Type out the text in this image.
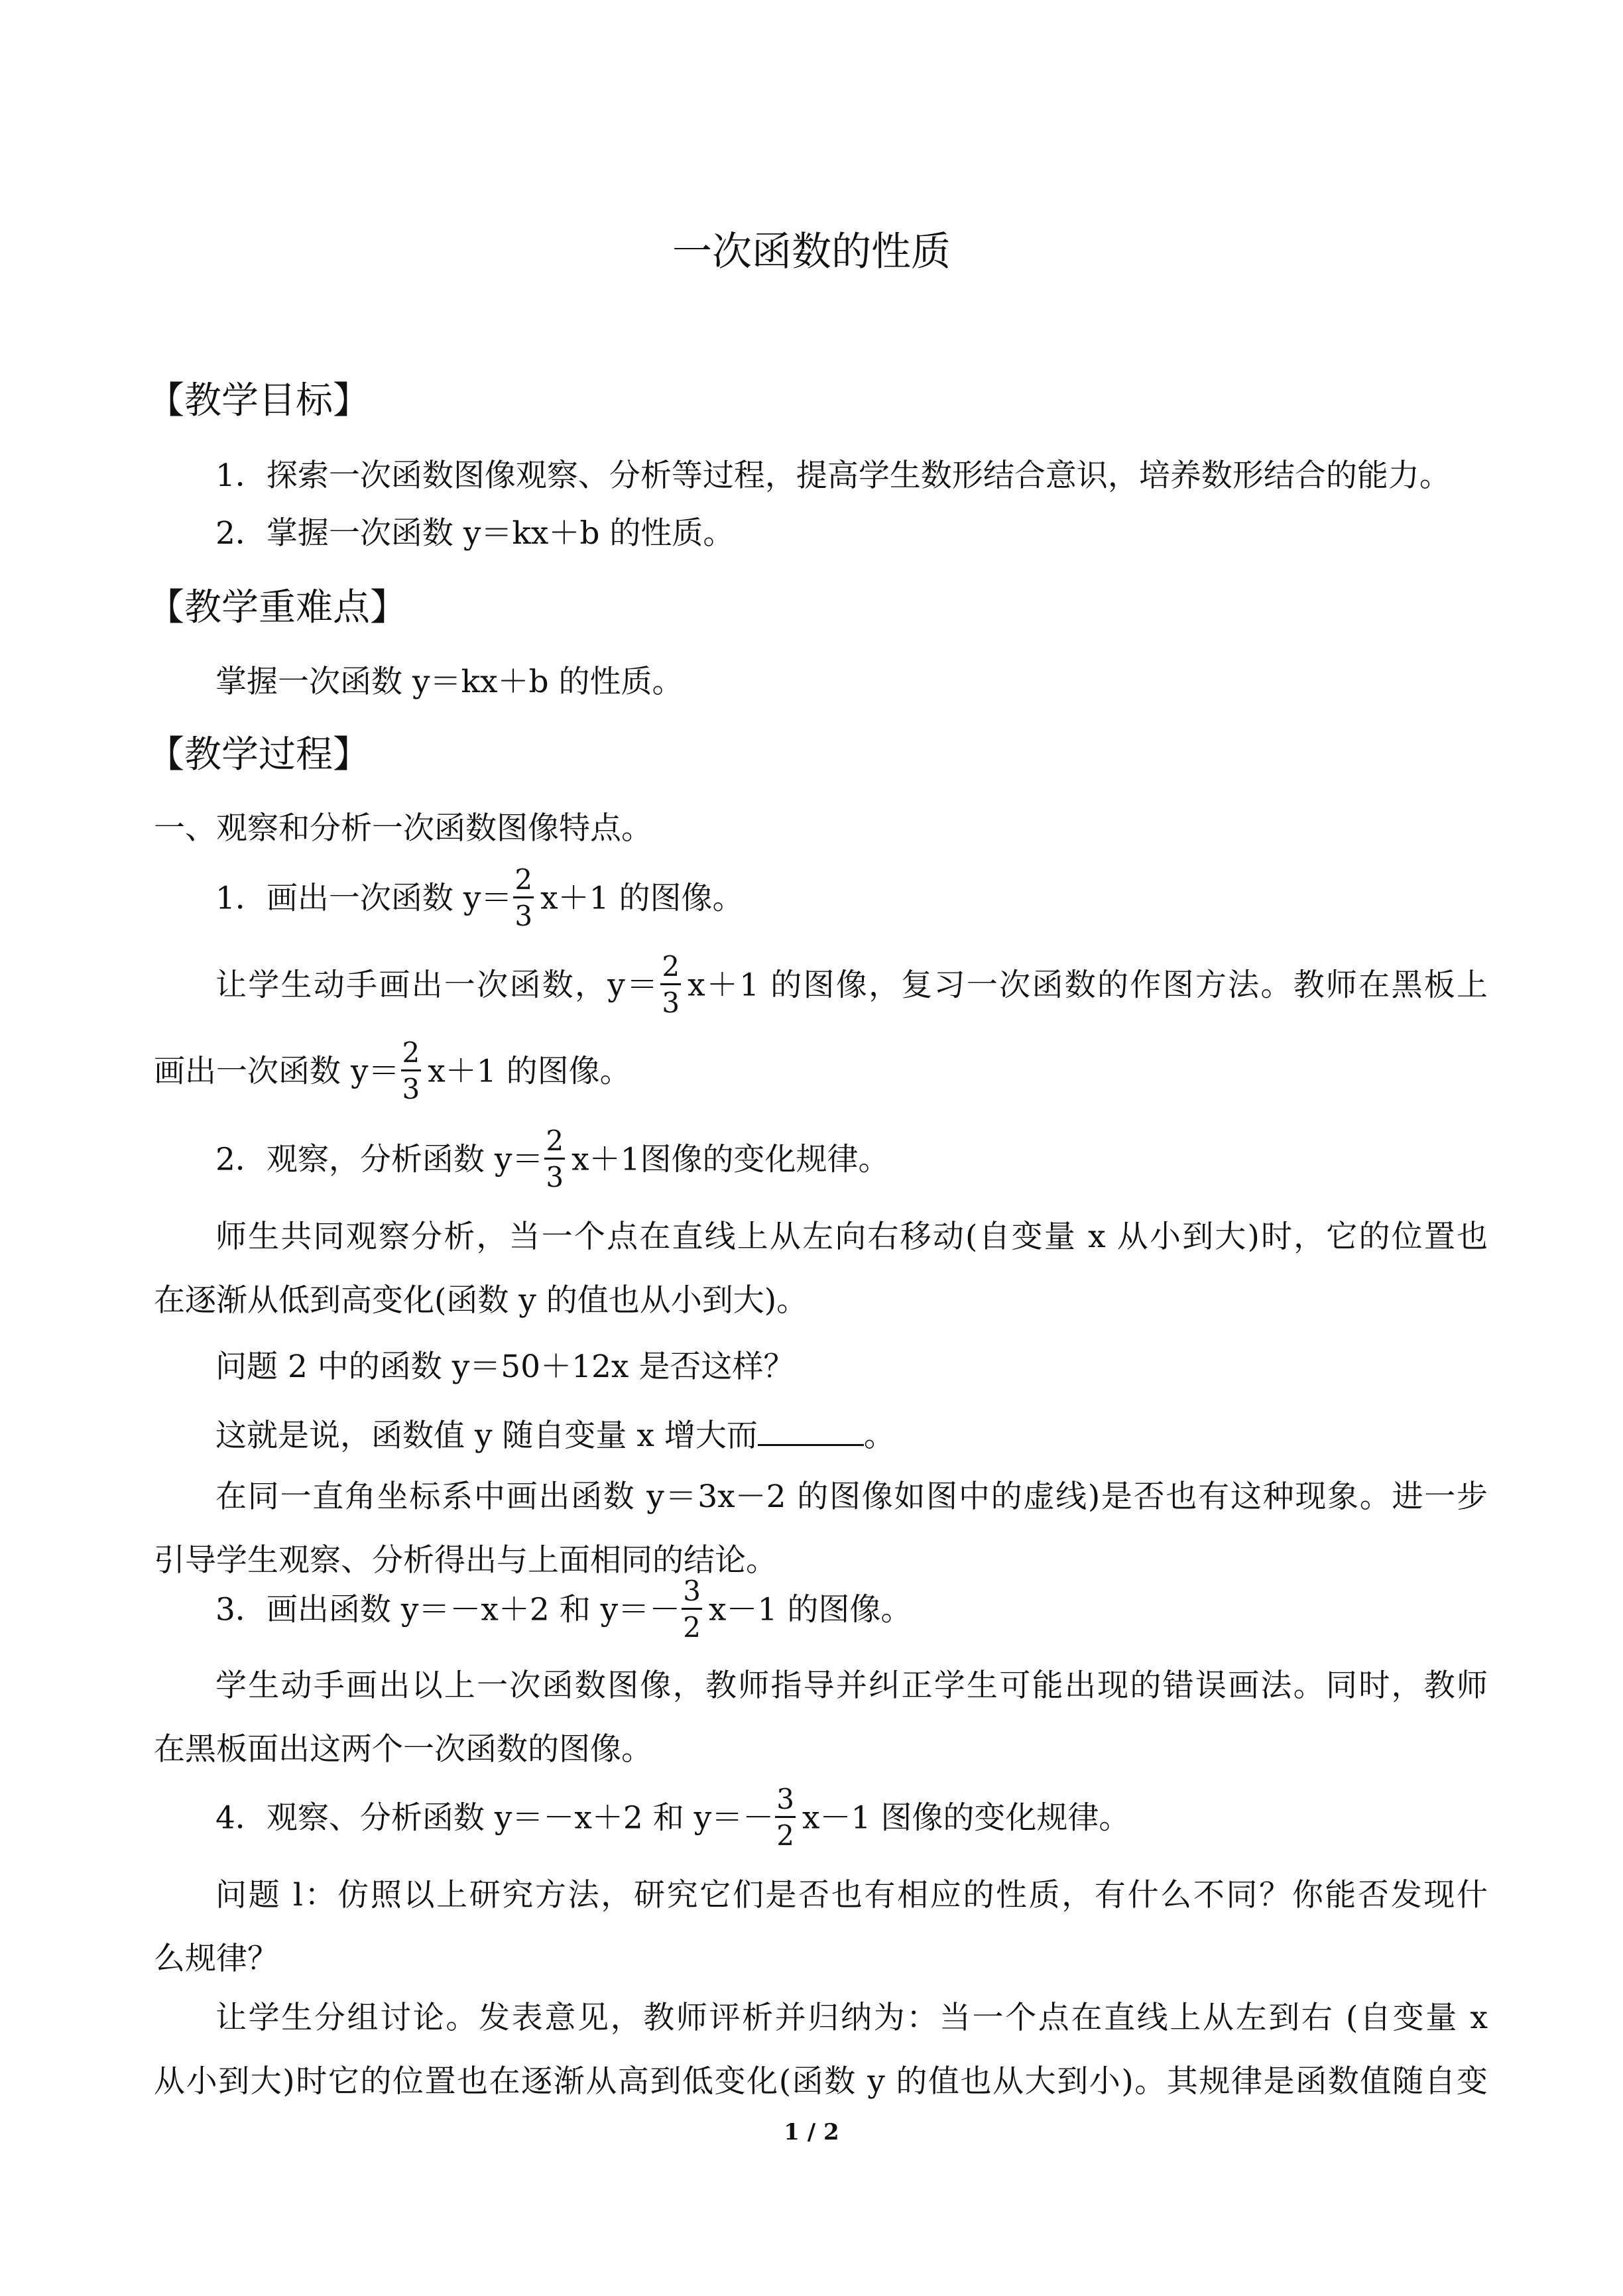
一次函数的性质
【教学目标】
1．探索一次函数图像观察、分析等过程，提高学生数形结合意识，培养数形结合的能力。
2．掌握一次函数 y＝kx＋b 的性质。
【教学重难点】
掌握一次函数 y＝kx＋b 的性质。
【教学过程】
一、观察和分析一次函数图像特点。
1．画出一次函数 $y= \frac{2}{3} x+1$ 的图像。
让学生动手画出一次函数，$y= \frac{2}{3} x+1$ 的图像，复习一次函数的作图方法。教师在黑板上
画出一次函数 $y= \frac{2}{3} x+1$ 的图像。
2．观察，分析函数 $y= \frac{2}{3} x+1$图像的变化规律。
师生共同观察分析，当一个点在直线上从左向右移动(自变量 x 从小到大)时，它的位置也
在逐渐从低到高变化(函数 y 的值也从小到大)。
问题 2 中的函数 y＝50＋12x 是否这样？
这就是说，函数值 y 随自变量 x 增大而	。
在同一直角坐标系中画出函数 y＝3x－2 的图像如图中的虚线)是否也有这种现象。进一步
引导学生观察、分析得出与上面相同的结论。
3．画出函数 y＝－x＋2 和 $y=- \frac{3}{2} x-1$ 的图像。
学生动手画出以上一次函数图像，教师指导并纠正学生可能出现的错误画法。同时，教师
在黑板面出这两个一次函数的图像。
4．观察、分析函数 y＝－x＋2 和 $y=- \frac{3}{2} x-1$ 图像的变化规律。
问题 l：仿照以上研究方法，研究它们是否也有相应的性质，有什么不同？你能否发现什
么规律？
让学生分组讨论。发表意见，教师评析并归纳为：当一个点在直线上从左到右 (自变量 x
从小到大)时它的位置也在逐渐从高到低变化(函数 y 的值也从大到小)。其规律是函数值随自变
1 / 2
